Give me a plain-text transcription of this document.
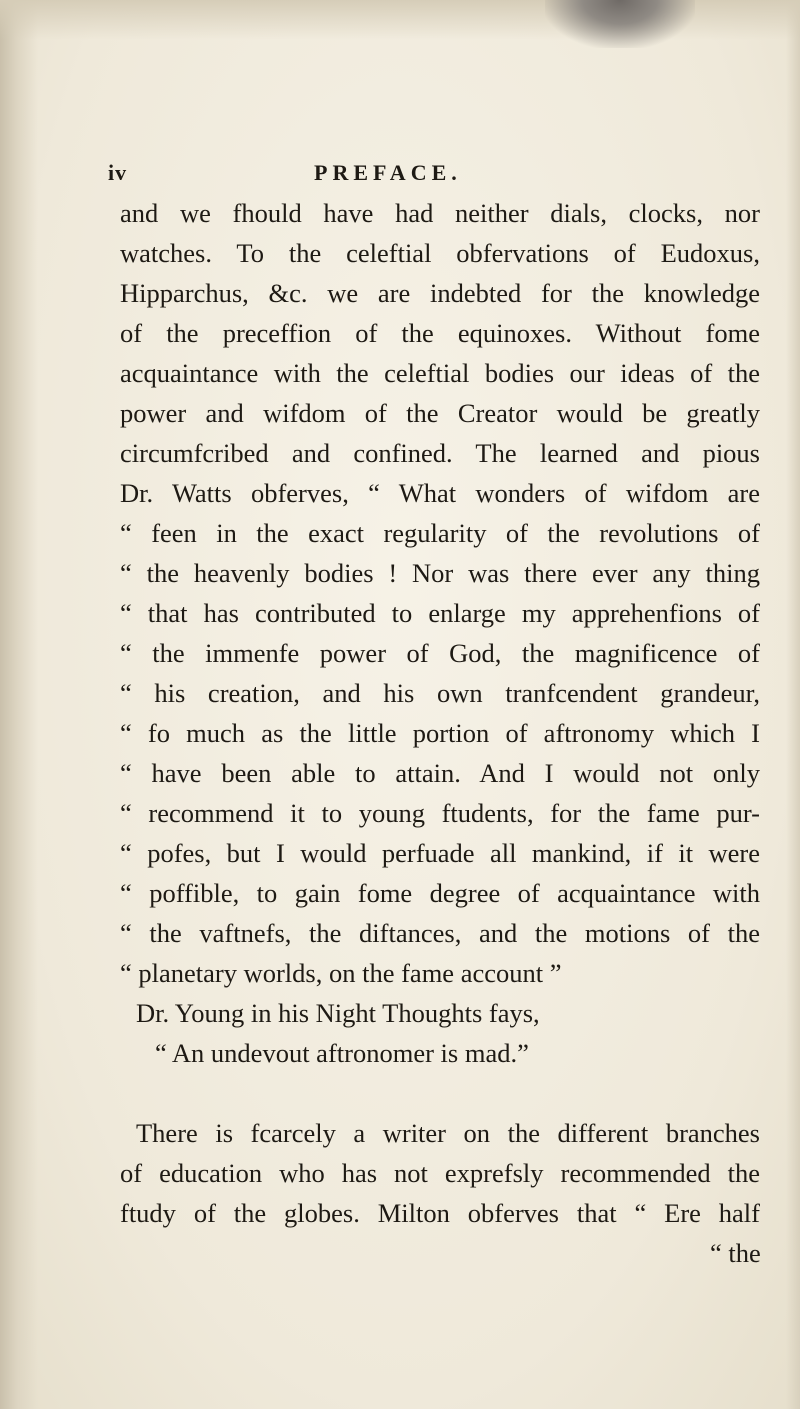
iv	PREFACE.
and we fhould have had neither dials, clocks, nor
watches. To the celeftial obfervations of Eudoxus,
Hipparchus, &c. we are indebted for the knowledge
of the preceffion of the equinoxes. Without fome
acquaintance with the celeftial bodies our ideas of the
power and wifdom of the Creator would be greatly
circumfcribed and confined. The learned and pious
Dr. Watts obferves, “ What wonders of wifdom are
“ feen in the exact regularity of the revolutions of
“ the heavenly bodies ! Nor was there ever any thing
“ that has contributed to enlarge my apprehenfions of
“ the immenfe power of God, the magnificence of
“ his creation, and his own tranfcendent grandeur,
“ fo much as the little portion of aftronomy which I
“ have been able to attain. And I would not only
“ recommend it to young ftudents, for the fame pur-
“ pofes, but I would perfuade all mankind, if it were
“ poffible, to gain fome degree of acquaintance with
“ the vaftnefs, the diftances, and the motions of the
“ planetary worlds, on the fame account ”
Dr. Young in his Night Thoughts fays,
“ An undevout aftronomer is mad.”
There is fcarcely a writer on the different branches
of education who has not exprefsly recommended the
ftudy of the globes. Milton obferves that “ Ere half
“ the
